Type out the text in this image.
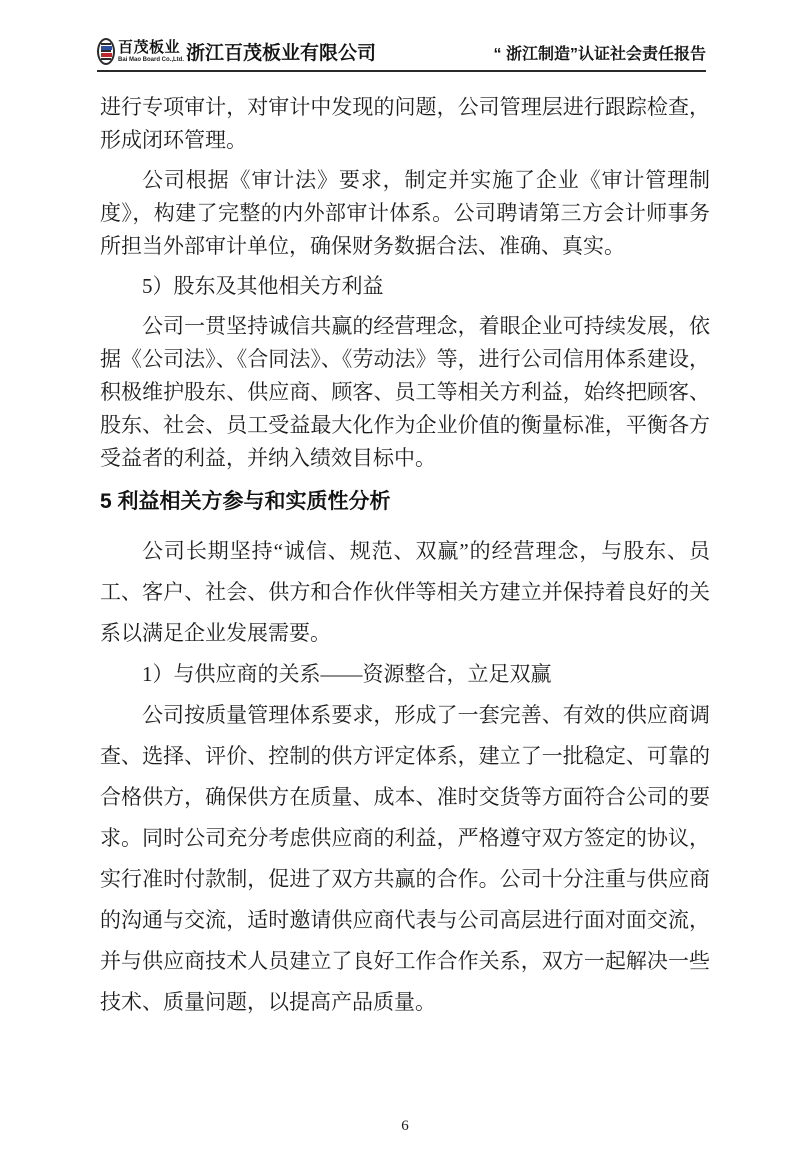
百茂板业
Bai Mao Board Co.,Ltd. 浙江百茂板业有限公司	“ 浙江制造”认证社会责任报告

进行专项审计，对审计中发现的问题，公司管理层进行跟踪检查，形成闭环管理。

公司根据《审计法》要求，制定并实施了企业《审计管理制度》，构建了完整的内外部审计体系。公司聘请第三方会计师事务所担当外部审计单位，确保财务数据合法、准确、真实。

5）股东及其他相关方利益

公司一贯坚持诚信共赢的经营理念，着眼企业可持续发展，依据《公司法》、《合同法》、《劳动法》等，进行公司信用体系建设，积极维护股东、供应商、顾客、员工等相关方利益，始终把顾客、股东、社会、员工受益最大化作为企业价值的衡量标准，平衡各方受益者的利益，并纳入绩效目标中。

5 利益相关方参与和实质性分析

公司长期坚持“诚信、规范、双赢”的经营理念，与股东、员工、客户、社会、供方和合作伙伴等相关方建立并保持着良好的关系以满足企业发展需要。

1）与供应商的关系——资源整合，立足双赢

公司按质量管理体系要求，形成了一套完善、有效的供应商调查、选择、评价、控制的供方评定体系，建立了一批稳定、可靠的合格供方，确保供方在质量、成本、准时交货等方面符合公司的要求。同时公司充分考虑供应商的利益，严格遵守双方签定的协议，实行准时付款制，促进了双方共赢的合作。公司十分注重与供应商的沟通与交流，适时邀请供应商代表与公司高层进行面对面交流，并与供应商技术人员建立了良好工作合作关系，双方一起解决一些技术、质量问题，以提高产品质量。

6
